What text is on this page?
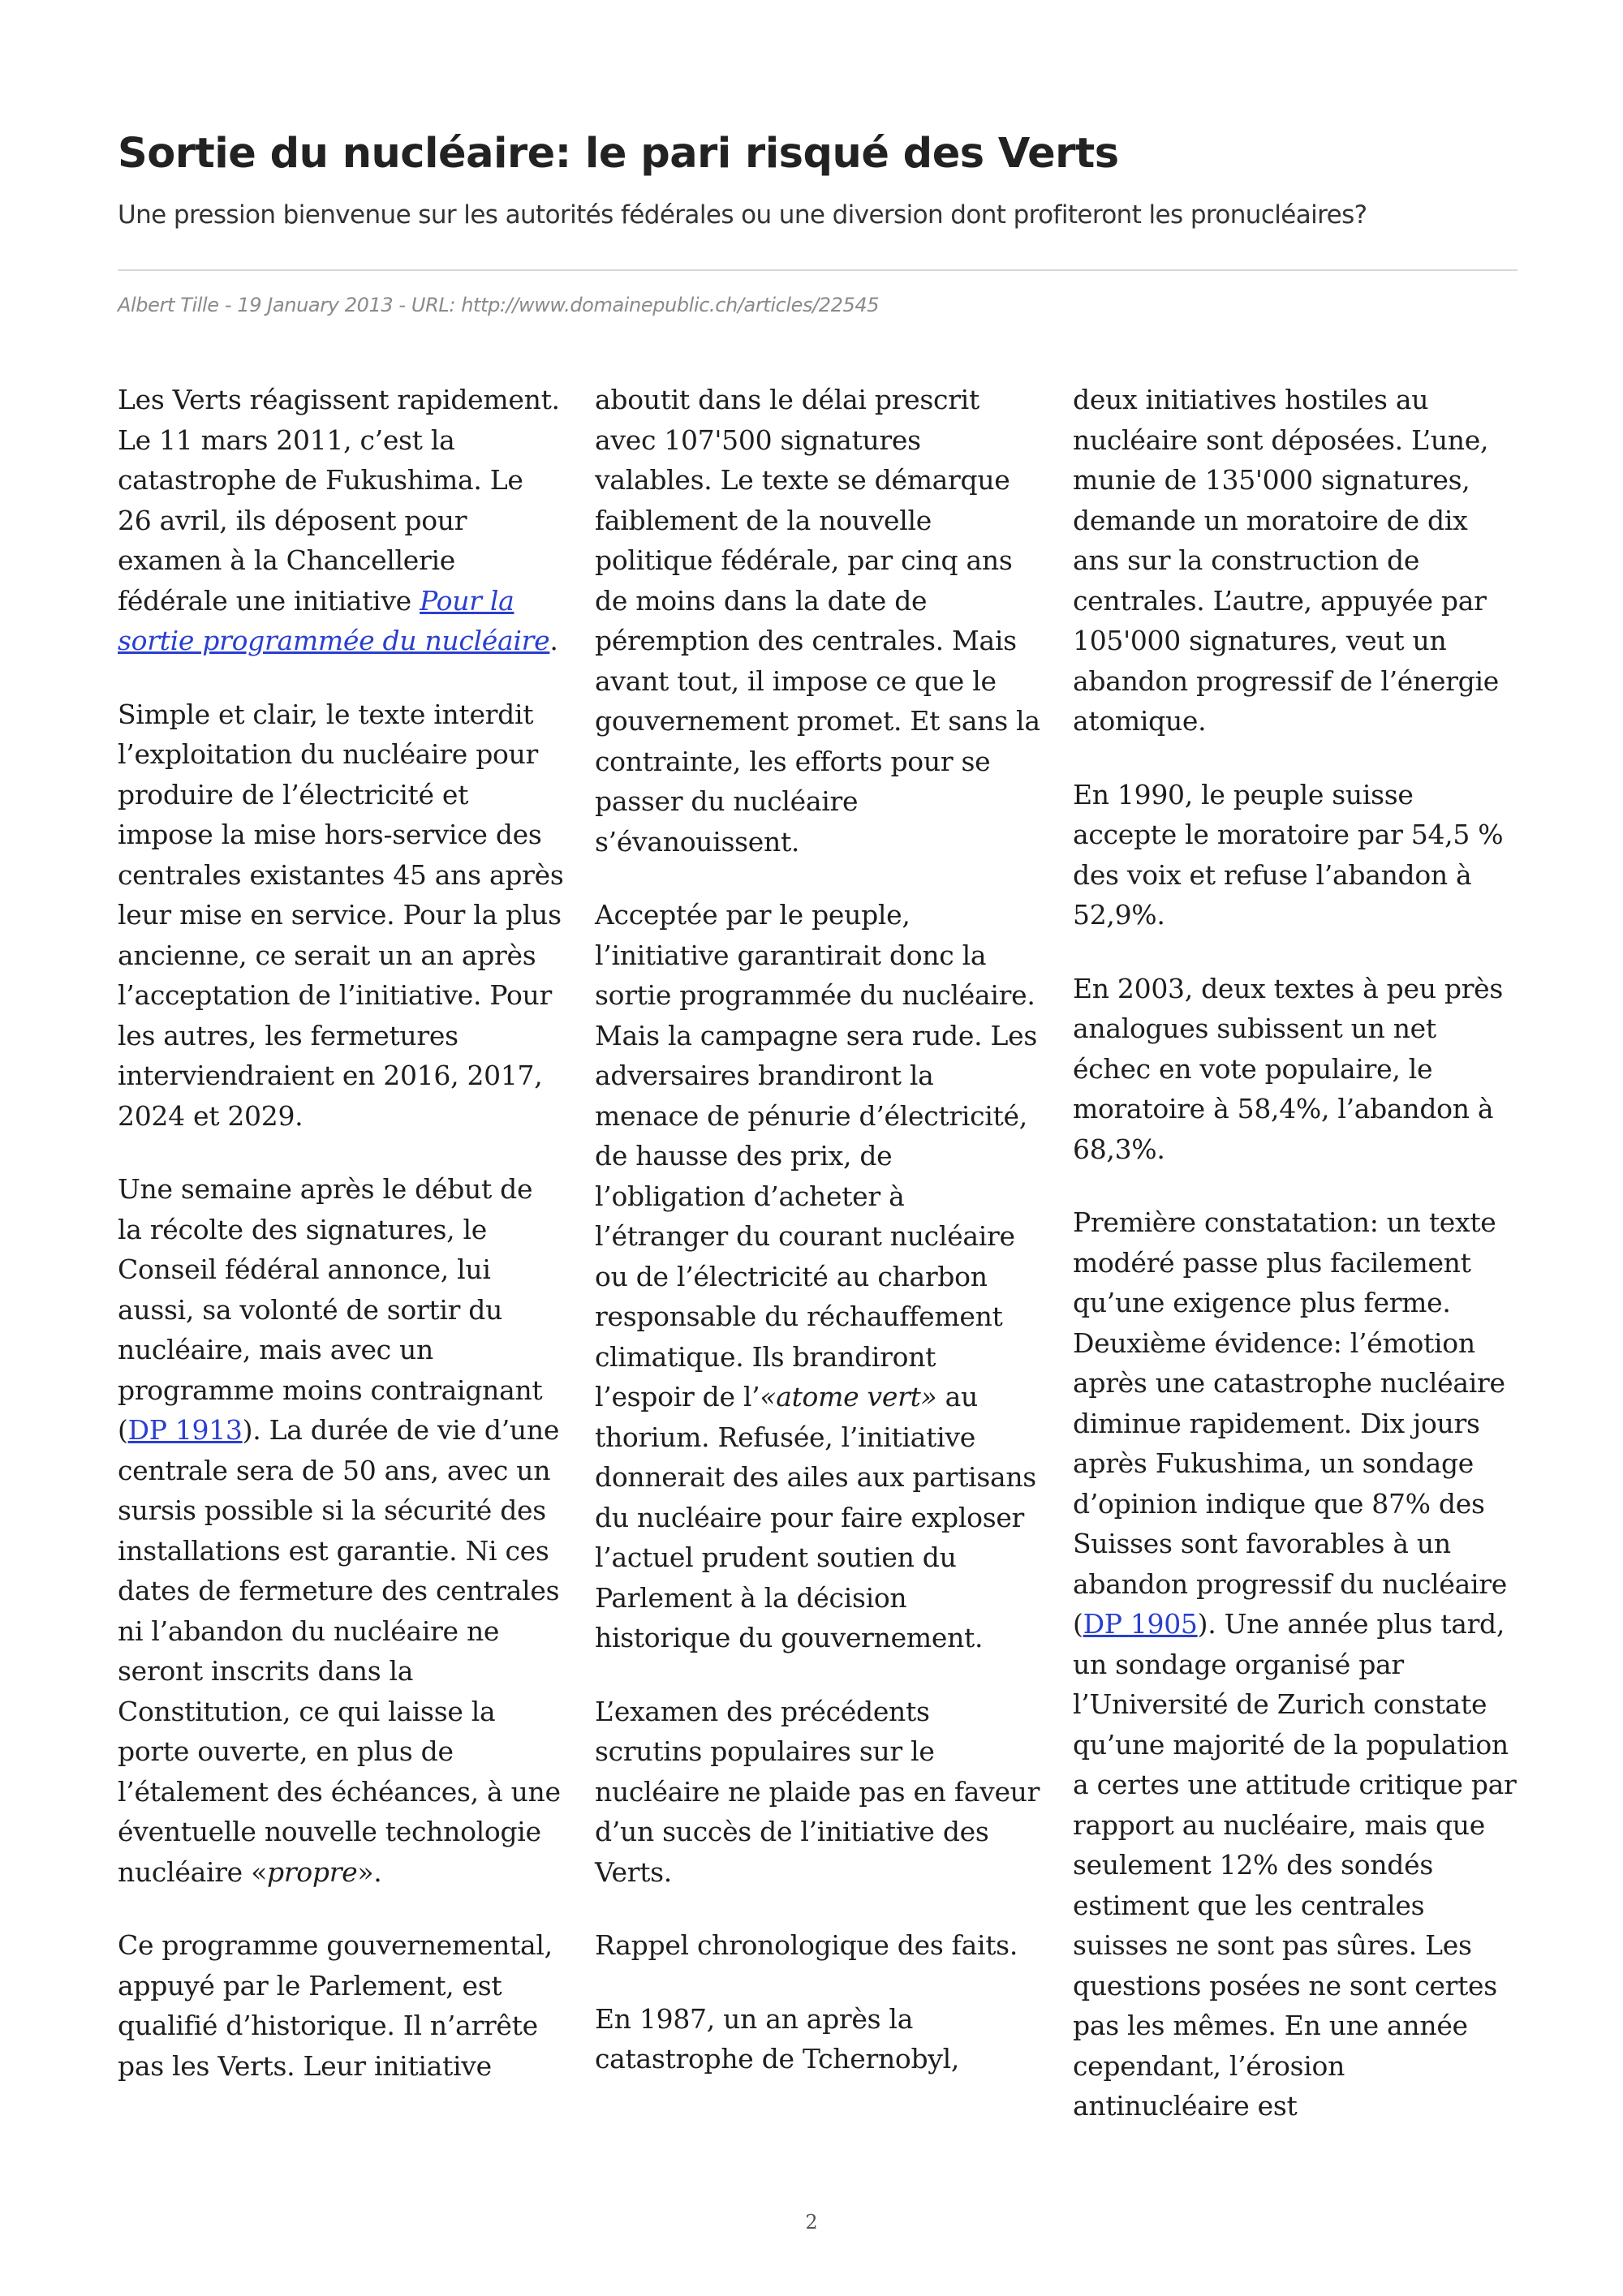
Sortie du nucléaire: le pari risqué des Verts
Une pression bienvenue sur les autorités fédérales ou une diversion dont profiteront les pronucléaires?
Albert Tille - 19 January 2013 - URL: http://www.domainepublic.ch/articles/22545

Les Verts réagissent rapidement. Le 11 mars 2011, c’est la catastrophe de Fukushima. Le 26 avril, ils déposent pour examen à la Chancellerie fédérale une initiative Pour la sortie programmée du nucléaire.

Simple et clair, le texte interdit l’exploitation du nucléaire pour produire de l’électricité et impose la mise hors-service des centrales existantes 45 ans après leur mise en service. Pour la plus ancienne, ce serait un an après l’acceptation de l’initiative. Pour les autres, les fermetures interviendraient en 2016, 2017, 2024 et 2029.

Une semaine après le début de la récolte des signatures, le Conseil fédéral annonce, lui aussi, sa volonté de sortir du nucléaire, mais avec un programme moins contraignant (DP 1913). La durée de vie d’une centrale sera de 50 ans, avec un sursis possible si la sécurité des installations est garantie. Ni ces dates de fermeture des centrales ni l’abandon du nucléaire ne seront inscrits dans la Constitution, ce qui laisse la porte ouverte, en plus de l’étalement des échéances, à une éventuelle nouvelle technologie nucléaire «propre».

Ce programme gouvernemental, appuyé par le Parlement, est qualifié d’historique. Il n’arrête pas les Verts. Leur initiative

aboutit dans le délai prescrit avec 107'500 signatures valables. Le texte se démarque faiblement de la nouvelle politique fédérale, par cinq ans de moins dans la date de péremption des centrales. Mais avant tout, il impose ce que le gouvernement promet. Et sans la contrainte, les efforts pour se passer du nucléaire s’évanouissent.

Acceptée par le peuple, l’initiative garantirait donc la sortie programmée du nucléaire. Mais la campagne sera rude. Les adversaires brandiront la menace de pénurie d’électricité, de hausse des prix, de l’obligation d’acheter à l’étranger du courant nucléaire ou de l’électricité au charbon responsable du réchauffement climatique. Ils brandiront l’espoir de l’«atome vert» au thorium. Refusée, l’initiative donnerait des ailes aux partisans du nucléaire pour faire exploser l’actuel prudent soutien du Parlement à la décision historique du gouvernement.

L’examen des précédents scrutins populaires sur le nucléaire ne plaide pas en faveur d’un succès de l’initiative des Verts.

Rappel chronologique des faits.

En 1987, un an après la catastrophe de Tchernobyl,

deux initiatives hostiles au nucléaire sont déposées. L’une, munie de 135'000 signatures, demande un moratoire de dix ans sur la construction de centrales. L’autre, appuyée par 105'000 signatures, veut un abandon progressif de l’énergie atomique.

En 1990, le peuple suisse accepte le moratoire par 54,5 % des voix et refuse l’abandon à 52,9%.

En 2003, deux textes à peu près analogues subissent un net échec en vote populaire, le moratoire à 58,4%, l’abandon à 68,3%.

Première constatation: un texte modéré passe plus facilement qu’une exigence plus ferme. Deuxième évidence: l’émotion après une catastrophe nucléaire diminue rapidement. Dix jours après Fukushima, un sondage d’opinion indique que 87% des Suisses sont favorables à un abandon progressif du nucléaire (DP 1905). Une année plus tard, un sondage organisé par l’Université de Zurich constate qu’une majorité de la population a certes une attitude critique par rapport au nucléaire, mais que seulement 12% des sondés estiment que les centrales suisses ne sont pas sûres. Les questions posées ne sont certes pas les mêmes. En une année cependant, l’érosion antinucléaire est

2
